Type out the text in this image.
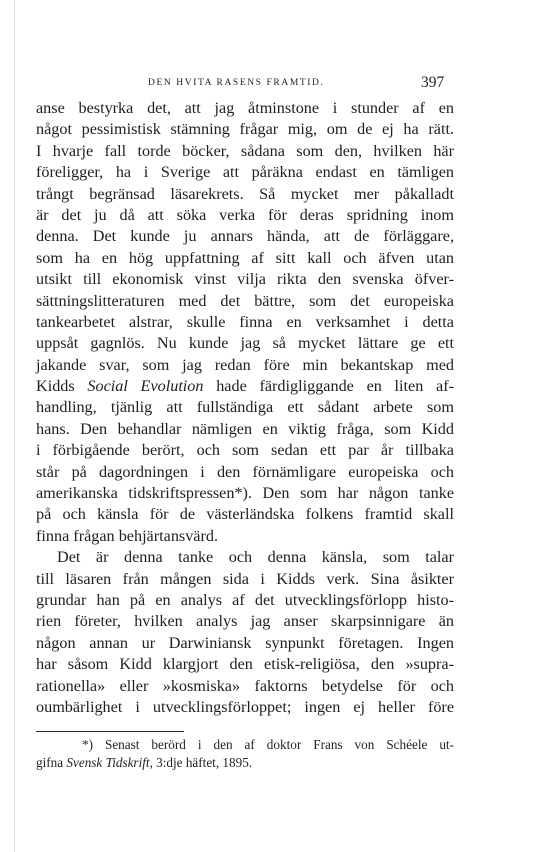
DEN HVITA RASENS FRAMTID.	397
anse bestyrka det, att jag åtminstone i stunder af en
något pessimistisk stämning frågar mig, om de ej ha rätt.
I hvarje fall torde böcker, sådana som den, hvilken här
föreligger, ha i Sverige att påräkna endast en tämligen
trångt begränsad läsarekrets. Så mycket mer påkalladt
är det ju då att söka verka för deras spridning inom
denna. Det kunde ju annars hända, att de förläggare,
som ha en hög uppfattning af sitt kall och äfven utan
utsikt till ekonomisk vinst vilja rikta den svenska öfver-
sättningslitteraturen med det bättre, som det europeiska
tankearbetet alstrar, skulle finna en verksamhet i detta
uppsåt gagnlös. Nu kunde jag så mycket lättare ge ett
jakande svar, som jag redan före min bekantskap med
Kidds Social Evolution hade färdigliggande en liten af-
handling, tjänlig att fullständiga ett sådant arbete som
hans. Den behandlar nämligen en viktig fråga, som Kidd
i förbigående berört, och som sedan ett par år tillbaka
står på dagordningen i den förnämligare europeiska och
amerikanska tidskriftspressen*). Den som har någon tanke
på och känsla för de västerländska folkens framtid skall
finna frågan behjärtansvärd.
Det är denna tanke och denna känsla, som talar
till läsaren från mången sida i Kidds verk. Sina åsikter
grundar han på en analys af det utvecklingsförlopp histo-
rien företer, hvilken analys jag anser skarpsinnigare än
någon annan ur Darwiniansk synpunkt företagen. Ingen
har såsom Kidd klargjort den etisk-religiösa, den »supra-
rationella» eller »kosmiska» faktorns betydelse för och
oumbärlighet i utvecklingsförloppet; ingen ej heller före
*) Senast berörd i den af doktor Frans von Schéele ut-
gifna Svensk Tidskrift, 3:dje häftet, 1895.
